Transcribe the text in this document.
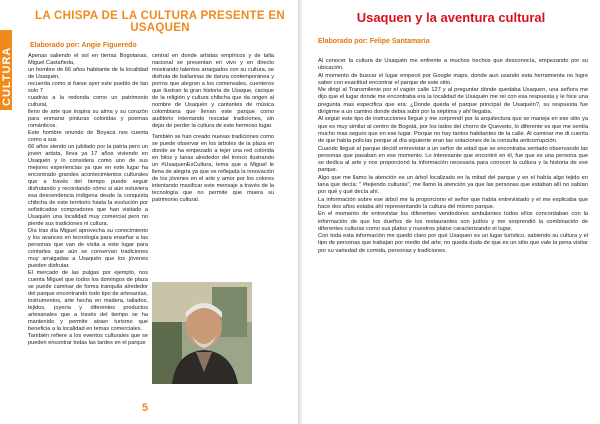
CULTURA
LA CHISPA DE LA CULTURA PRESENTE EN USAQUEN
Elaborado por: Angie Figueredo

Apenas saliendo el sol en tierras Bogotanas, Miguel Castañeda,

un hombre de 66 años habitante de la localidad de Usaquén,

recuerda como si fuese ayer este pueblo de tan solo 7

cuadras a la redonda como un patrimonio cultural,

lleno de arte que inspira su alma y su corazón para enmarar pinturas coloridas y poemas románticos.

Este hombre oriundo de Boyacá nos cuenta como a sus

66 años siendo un jubilado por la patria pero un joven artista, lleva ya 17 años viviendo en Usaquén y lo considera como uno de sus mejores experiencias ya que en este lugar ha encontrado grandes acontecimientos culturales que a través del tiempo puede seguir disfrutando y recordando cómo si aún estuviera esa descendencia indígena desde la conquista chibcha de este territorio hasta la evolución por sofisticados compradores que han visitado a Usaquén una localidad muy comercial pero no pierde sus tradiciones ni cultura.

Día tras día Miguel aprovecha su conocimiento y los avances en tecnología para enseñar a las personas que van de visita a este lugar para contarles que aún se conservan tradiciones muy arraigadas a Usaquén que los jóvenes pueden disfrutar.

El mercado de las pulgas por ejemplo, nos cuenta Miguel que todos los domingos de plaza se puede caminar de forma tranquila alrededor del parque encontrando todo tipo de artesanías, instrumentos, arte hecha en madera, tallados, tejidos, joyería y diferentes productos artesanales que a través del tiempo se ha mantenido y permite atraer turismo que beneficia a la localidad en temas comerciales.

También refiere a los eventos culturales que se pueden encontrar todas las tardes en el parque

central en donde artistas empíricos y de talla nacional se presentan en vivo y en directo mostrando talentos arraigados con su cultura, se disfruta de bailarinas de danza contemporánea y porros que alegran a los comensales, cuenteros que ilustran la gran historia de Usaque, cacique de la religión y cultura chibcha que da origen al nombre de Usaquén y cantantes de música colombiana que llenan este parque como auditorio intentando rescatar tradiciones, sin dejar de perder la cultura de este hermoso lugar.

También se han creado nuevas tradiciones como se puede observar en los árboles de la plaza en donde se ha empezado a tejer una red colorida en hilos y lanas alrededor del tronco ilustrando un #UsaquenEsCultura, tema que a Miguel le llena de alegría ya que ve reflejada la innovación de los jóvenes en el arte y amor por los colores intentando masificar este mensaje a través de la tecnología que no permite que muera su patrimonio cultural.

5
Usaquen y la aventura cultural
Elaborado por: Felipe Santamaria

Al conocer la cultura de Usaquén me enfrente a muchos hechos que desconocía, empezando por su ubicación.

Al momento de buscar el lugar empecé por Google maps, donde aun usando esta herramienta no logre saber con exactitud encontrar el parque de este sitio.

Me dirigí al Transmilenio por el vagón calle 127 y al preguntar dónde quedaba Usaquen, una señora me dijo que el lugar donde me encontraba era la localidad de Usaquén me rei con esa respuesta y le hice una pregunta mas especifica que era: ¿Donde queda el parque principal de Usaquén?, su respuesta fue dirigirme a un camino donde debía subir por la séptima y ahí llegaba.

Al seguir este tipo de instrucciones llegué y me sorprendí por la arquitectura que se maneja en ese sitio ya que es muy similar al centro de Bogotá, por los lados del chorro de Quevedo, lo diferente es que me sentía mucho mas seguro que en ese lugar. Porque no hay tantos habitantes de la calle. Al caminar me di cuenta de que había policías porque al día siguiente eran las votaciones de la consulta anticorrupción.

Cuando llegué al parque decidí entrevistar a un señor de edad que se encontraba sentado observando las personas que pasaban en ese momento. Lo interesante que encontré en él, fue que es una persona que se dedica al arte y nos proporcionó la información necesaria para conocer la cultura y la historia de ese parque.

Algo que me llamo la atención es un árbol localizado en la mitad del parque y en el había algo tejido en lana que decía: " #tejiendo culturas", me llamo la atención ya que las personas que estaban allí no sabían por qué y qué decía ahí.

La información sobre ese árbol me la proporciono el señor que había entrevistado y el me explicaba que hace dos años estaba ahí representando la cultura del mismo parque.

En el momento de entrevistar los diferentes vendedores ambulantes todos ellos concordaban con la información de que los dueños de los restaurantes son judíos y me sorprendió la combinación de diferentes culturas como sus platos y nuestros platos caracterizando el lugar.

Con toda esta información me quedó claro por qué Usaquen es un lugar turístico, sabiendo su cultura y el tipo de personas que trabajan por medio del arte; no queda duda de que es un sitio que vale la pena visitar por su variedad de comida, personas y tradiciones.
